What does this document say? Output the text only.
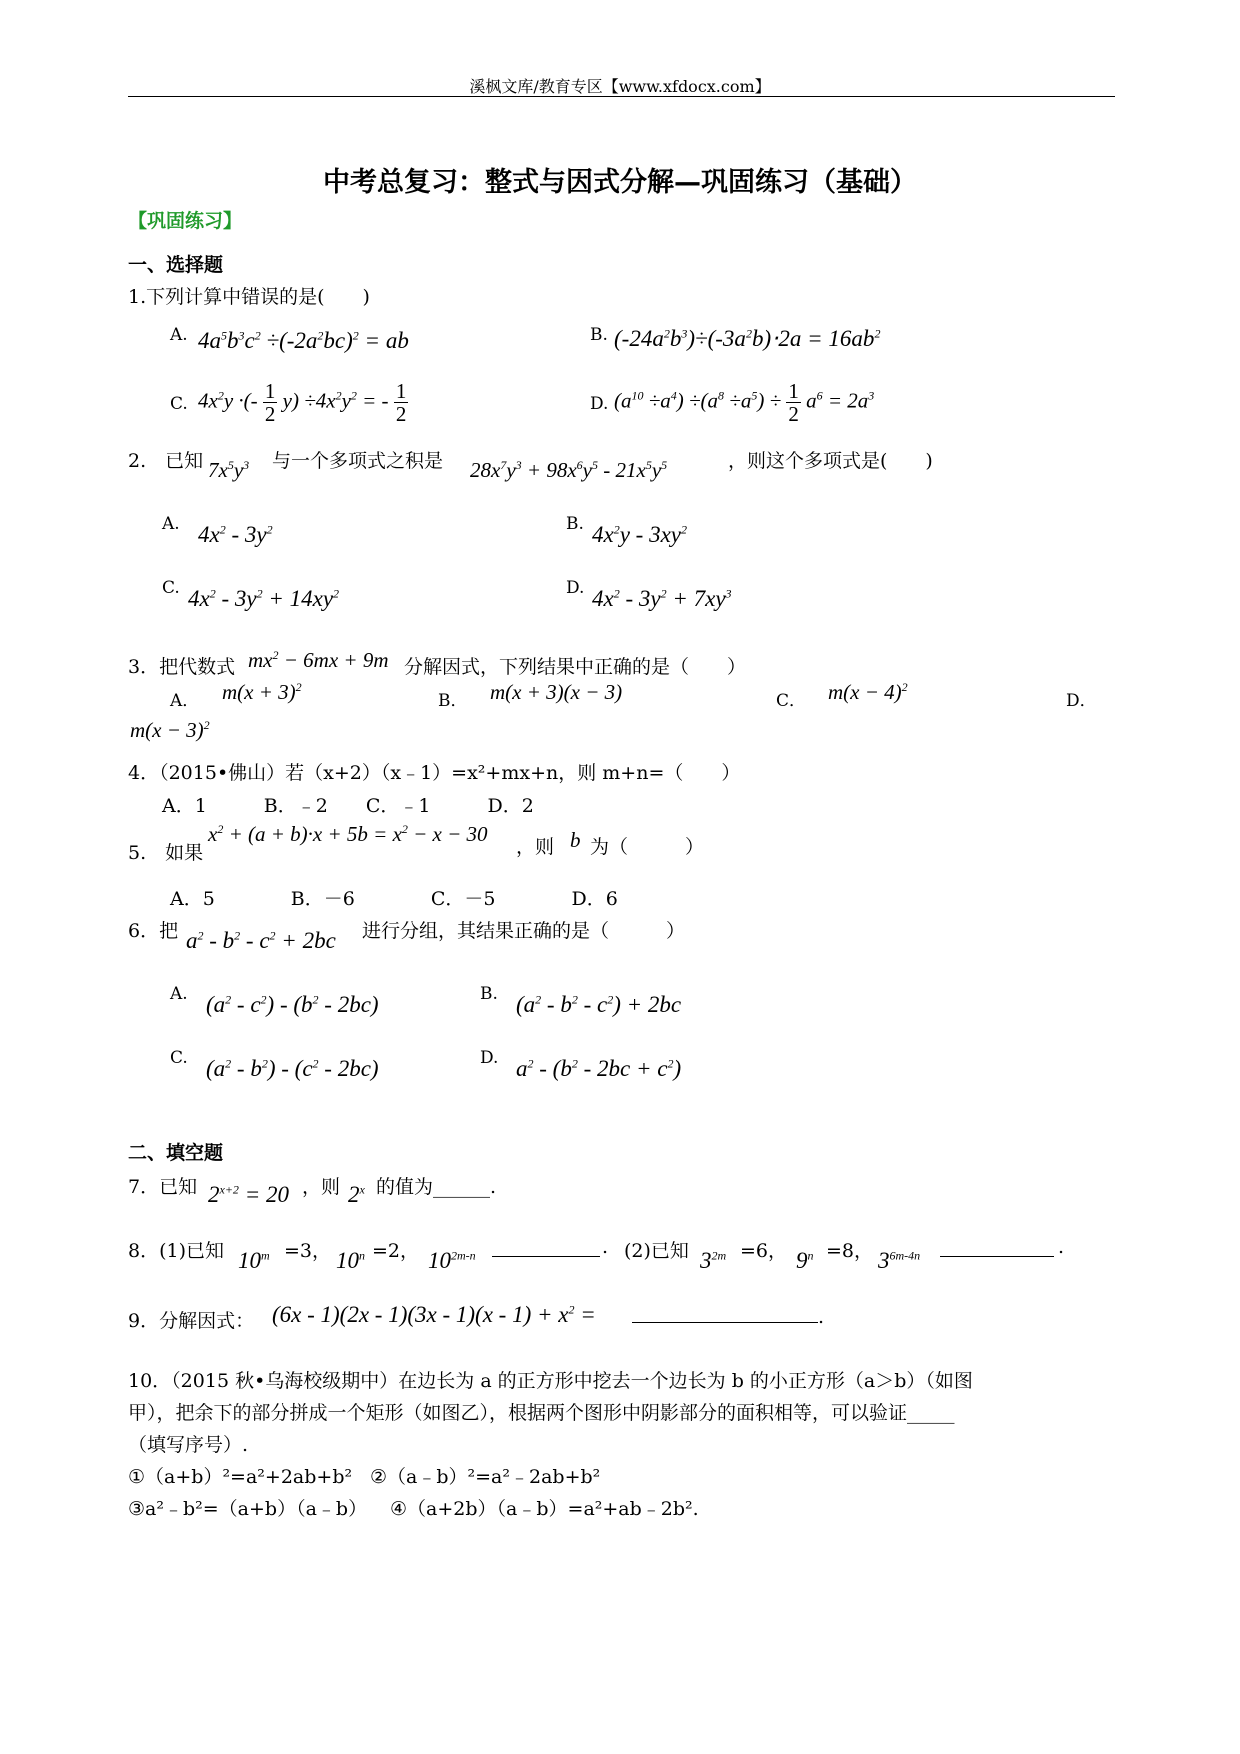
溪枫文库/教育专区【www.xfdocx.com】
中考总复习：整式与因式分解—巩固练习（基础）
【巩固练习】
一、选择题
1.下列计算中错误的是(　　)
A. $4a^5b^3c^2 \div(-2a^2bc)^2$ = ab	B. $(-24a^2b^3)\div(-3a^2b)\cdot 2a = 16ab^2$
C. $4x^2y$ ·(- $\frac{1}{2} y) \div 4x^2y^2$ = - $\frac{1}{2}$	D. $(a^{10} \div a^4) \div(a^8 \div a^5) \div \frac{1}{2} a^6 = 2a^3$
2.　已知 $7x^5y^3$ 与一个多项式之积是 $28x^7y^3 + 98x^6y^5 - 21x^5y^5$	，则这个多项式是(　　)
A. $4x^2 - 3y^2$	B. $4x^2y - 3xy^2$
C. $4x^2 - 3y^2 + 14xy^2$	D. $4x^2 - 3y^2 + 7xy^3$
3．把代数式 $mx^2 - 6mx + 9m$ 分解因式，下列结果中正确的是（　　）
A． $m(x + 3)^2$
B． m(x + 3)(x − 3)	C． $m(x - 4)^2$
D．
$m(x - 3)^2$
4．（2015•佛山）若（x+2）（x﹣1）=x²+mx+n，则 m+n=（　　）
A．1　　　B．﹣2　　C．﹣1　　　D．2
5.　如果
$x^2 + (a + b)\cdot x + 5b = x^2 - x - 30$
，则 b 为（　　　）
A．5　　　　B．－6　　　　C．－5　　　　D．6
6．把 $a^2 - b^2 - c^2 + 2bc$ 进行分组，其结果正确的是（　　　）
A. $(a^2 - c^2) - (b^2 - 2bc)$	B. $(a^2 - b^2 - c^2) + 2bc$
C. $(a^2 - b^2) - (c^2 - 2bc)$	D. $a^2 - (b^2 - 2bc + c^2)$
二、填空题
7．已知 $2^{x+2} = 20$ ，则 2$^x$ 的值为______.
8．(1)已知 $10^m =3$， $10^n =2$， $10^{2m-n}$	. (2)已知 $3^{2m} =6$， $9^n =8$， $3^{6m-4n}$	.
9．分解因式： $(6x - 1)(2x - 1)(3x - 1)(x - 1) + x^2$ =	.
10．（2015 秋•乌海校级期中）在边长为 a 的正方形中挖去一个边长为 b 的小正方形（a＞b）（如图
甲），把余下的部分拼成一个矩形（如图乙），根据两个图形中阴影部分的面积相等，可以验证_____
（填写序号）.
①（a+b）²=a²+2ab+b² ②（a﹣b）²=a²﹣2ab+b²
③a²﹣b²=（a+b）（a﹣b） ④（a+2b）（a﹣b）=a²+ab﹣2b².
